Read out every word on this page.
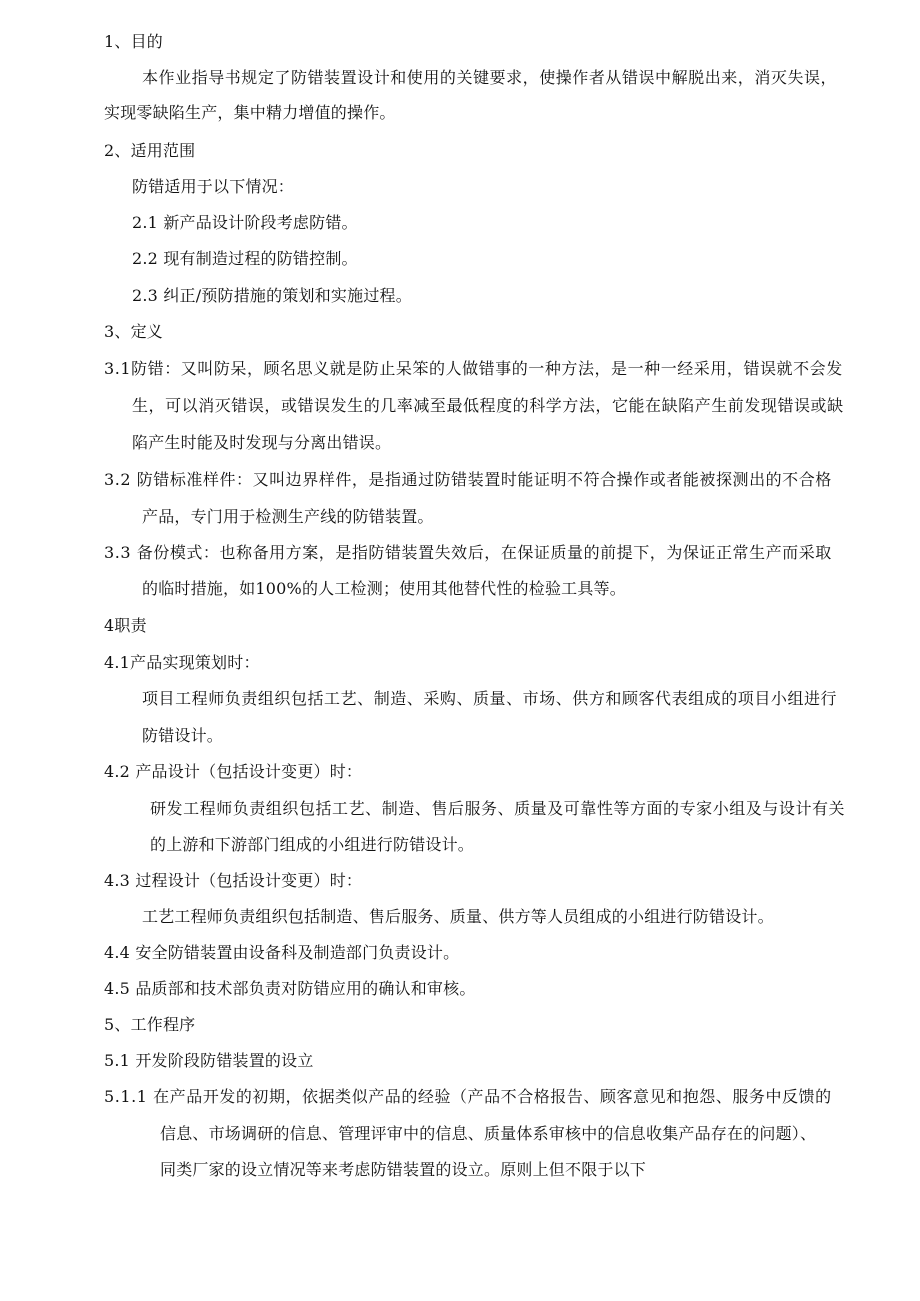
1、目的
本作业指导书规定了防错装置设计和使用的关键要求，使操作者从错误中解脱出来，消灭失误，
实现零缺陷生产，集中精力增值的操作。
2、适用范围
防错适用于以下情况：
2.1 新产品设计阶段考虑防错。
2.2 现有制造过程的防错控制。
2.3 纠正/预防措施的策划和实施过程。
3、定义
3.1防错：又叫防呆，顾名思义就是防止呆笨的人做错事的一种方法，是一种一经采用，错误就不会发
生，可以消灭错误，或错误发生的几率减至最低程度的科学方法，它能在缺陷产生前发现错误或缺
陷产生时能及时发现与分离出错误。
3.2 防错标准样件：又叫边界样件，是指通过防错装置时能证明不符合操作或者能被探测出的不合格
产品，专门用于检测生产线的防错装置。
3.3 备份模式：也称备用方案，是指防错装置失效后，在保证质量的前提下，为保证正常生产而采取
的临时措施，如100%的人工检测；使用其他替代性的检验工具等。
4职责
4.1产品实现策划时：
项目工程师负责组织包括工艺、制造、采购、质量、市场、供方和顾客代表组成的项目小组进行
防错设计。
4.2 产品设计（包括设计变更）时：
研发工程师负责组织包括工艺、制造、售后服务、质量及可靠性等方面的专家小组及与设计有关
的上游和下游部门组成的小组进行防错设计。
4.3 过程设计（包括设计变更）时：
工艺工程师负责组织包括制造、售后服务、质量、供方等人员组成的小组进行防错设计。
4.4 安全防错装置由设备科及制造部门负责设计。
4.5 品质部和技术部负责对防错应用的确认和审核。
5、工作程序
5.1 开发阶段防错装置的设立
5.1.1 在产品开发的初期，依据类似产品的经验（产品不合格报告、顾客意见和抱怨、服务中反馈的
信息、市场调研的信息、管理评审中的信息、质量体系审核中的信息收集产品存在的问题）、
同类厂家的设立情况等来考虑防错装置的设立。原则上但不限于以下
